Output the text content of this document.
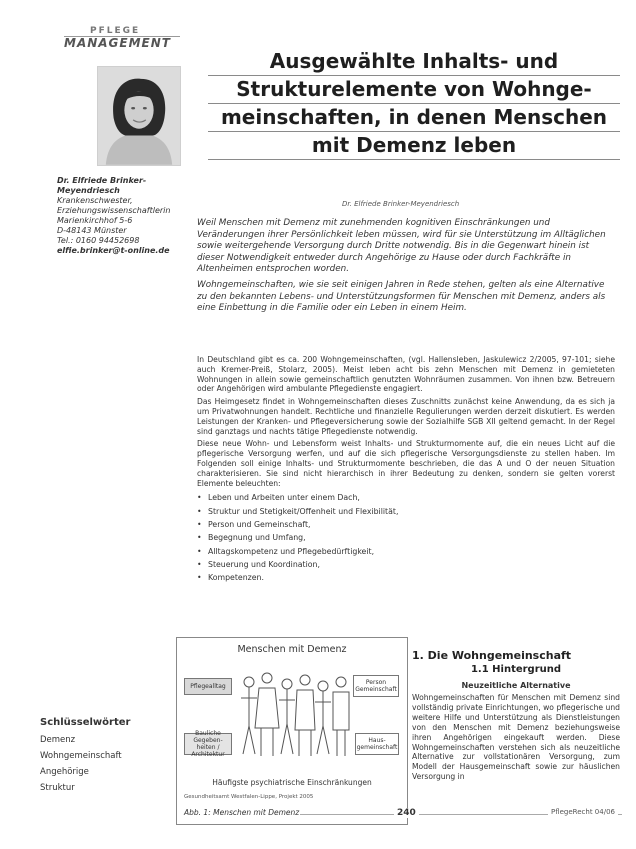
PFLEGE
MANAGEMENT
Dr. Elfriede Brinker-Meyendriesch
Krankenschwester,
Erziehungswissenschaftlerin
Marienkirchhof 5-6
D-48143 Münster
Tel.: 0160 94452698
elfie.brinker@t-online.de
Ausgewählte Inhalts- und
Strukturelemente von Wohnge-
meinschaften, in denen Menschen
mit Demenz leben
Dr. Elfriede Brinker-Meyendriesch

Weil Menschen mit Demenz mit zunehmenden kognitiven Einschränkungen und Veränderungen ihrer Persönlichkeit leben müssen, wird für sie Unterstützung im Alltäglichen sowie weitergehende Versorgung durch Dritte notwendig. Bis in die Gegenwart hinein ist dieser Notwendigkeit entweder durch Angehörige zu Hause oder durch Fachkräfte in Altenheimen entsprochen worden.

Wohngemeinschaften, wie sie seit einigen Jahren in Rede stehen, gelten als eine Alternative zu den bekannten Lebens- und Unterstützungsformen für Menschen mit Demenz, anders als eine Einbettung in die Familie oder ein Leben in einem Heim.

In Deutschland gibt es ca. 200 Wohngemeinschaften, (vgl. Hallensleben, Jaskulewicz 2/2005, 97-101; siehe auch Kremer-Preiß, Stolarz, 2005). Meist leben acht bis zehn Menschen mit Demenz in gemieteten Wohnungen in allein sowie gemeinschaftlich genutzten Wohnräumen zusammen. Von ihnen bzw. Betreuern oder Angehörigen wird ambulante Pflegedienste engagiert.

Das Heimgesetz findet in Wohngemeinschaften dieses Zuschnitts zunächst keine Anwendung, da es sich ja um Privatwohnungen handelt. Rechtliche und finanzielle Regulierungen werden derzeit diskutiert. Es werden Leistungen der Kranken- und Pflegeversicherung sowie der Sozialhilfe SGB XII geltend gemacht. In der Regel sind ganztags und nachts tätige Pflegedienste notwendig.

Diese neue Wohn- und Lebensform weist Inhalts- und Strukturmomente auf, die ein neues Licht auf die pflegerische Versorgung werfen, und auf die sich pflegerische Versorgungsdienste zu stellen haben. Im Folgenden soll einige Inhalts- und Strukturmomente beschrieben, die das A und O der neuen Situation charakterisieren. Sie sind nicht hierarchisch in ihrer Bedeutung zu denken, sondern sie gelten vorerst Elemente beleuchten:

• Leben und Arbeiten unter einem Dach,
• Struktur und Stetigkeit/Offenheit und Flexibilität,
• Person und Gemeinschaft,
• Begegnung und Umfang,
• Alltagskompetenz und Pflegebedürftigkeit,
• Steuerung und Koordination,
• Kompetenzen.
Menschen mit Demenz
Pflegealltag
Bauliche Gegeben-heiten / Architektur
Person Gemeinschaft
Haus-gemeinschaft
Häufigste psychiatrische Einschränkungen
Gesundheitsamt Westfalen-Lippe, Projekt 2005
Abb. 1: Menschen mit Demenz
Schlüsselwörter
Demenz
Wohngemeinschaft
Angehörige
Struktur
1. Die Wohngemeinschaft
1.1 Hintergrund
Neuzeitliche Alternative
Wohngemeinschaften für Menschen mit Demenz sind vollständig private Einrichtungen, wo pflegerische und weitere Hilfe und Unterstützung als Dienstleistungen von den Menschen mit Demenz beziehungsweise ihren Angehörigen eingekauft werden. Diese Wohngemeinschaften verstehen sich als neuzeitliche Alternative zur vollstationären Versorgung, zum Modell der Hausgemeinschaft sowie zur häuslichen Versorgung in
240	PflegeRecht 04/06
